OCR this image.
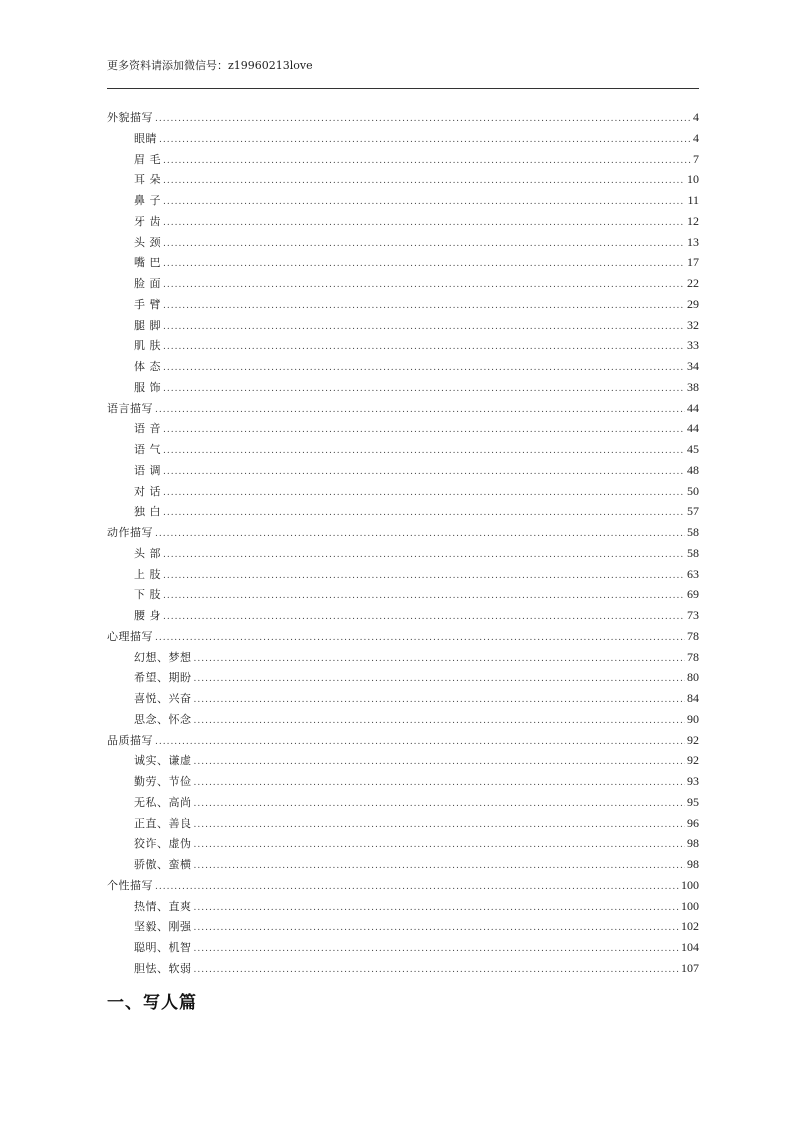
更多资料请添加微信号：z19960213love
外貌描写 .....	4
眼睛 .....	4
眉 毛 .....	7
耳 朵 .....	10
鼻 子 .....	11
牙 齿 .....	12
头 颈 .....	13
嘴 巴 .....	17
脸 面 .....	22
手 臂 .....	29
腿 脚 .....	32
肌 肤 .....	33
体 态 .....	34
服 饰 .....	38
语言描写 .....	44
语 音 .....	44
语 气 .....	45
语 调 .....	48
对 话 .....	50
独 白 .....	57
动作描写 .....	58
头 部 .....	58
上 肢 .....	63
下 肢 .....	69
腰 身 .....	73
心理描写 .....	78
幻想、梦想 .....	78
希望、期盼 .....	80
喜悦、兴奋 .....	84
思念、怀念 .....	90
品质描写 .....	92
诚实、谦虚 .....	92
勤劳、节俭 .....	93
无私、高尚 .....	95
正直、善良 .....	96
狡诈、虚伪 .....	98
骄傲、蛮横 .....	98
个性描写 .....	100
热情、直爽 .....	100
坚毅、刚强 .....	102
聪明、机智 .....	104
胆怯、软弱 .....	107
一、写人篇
